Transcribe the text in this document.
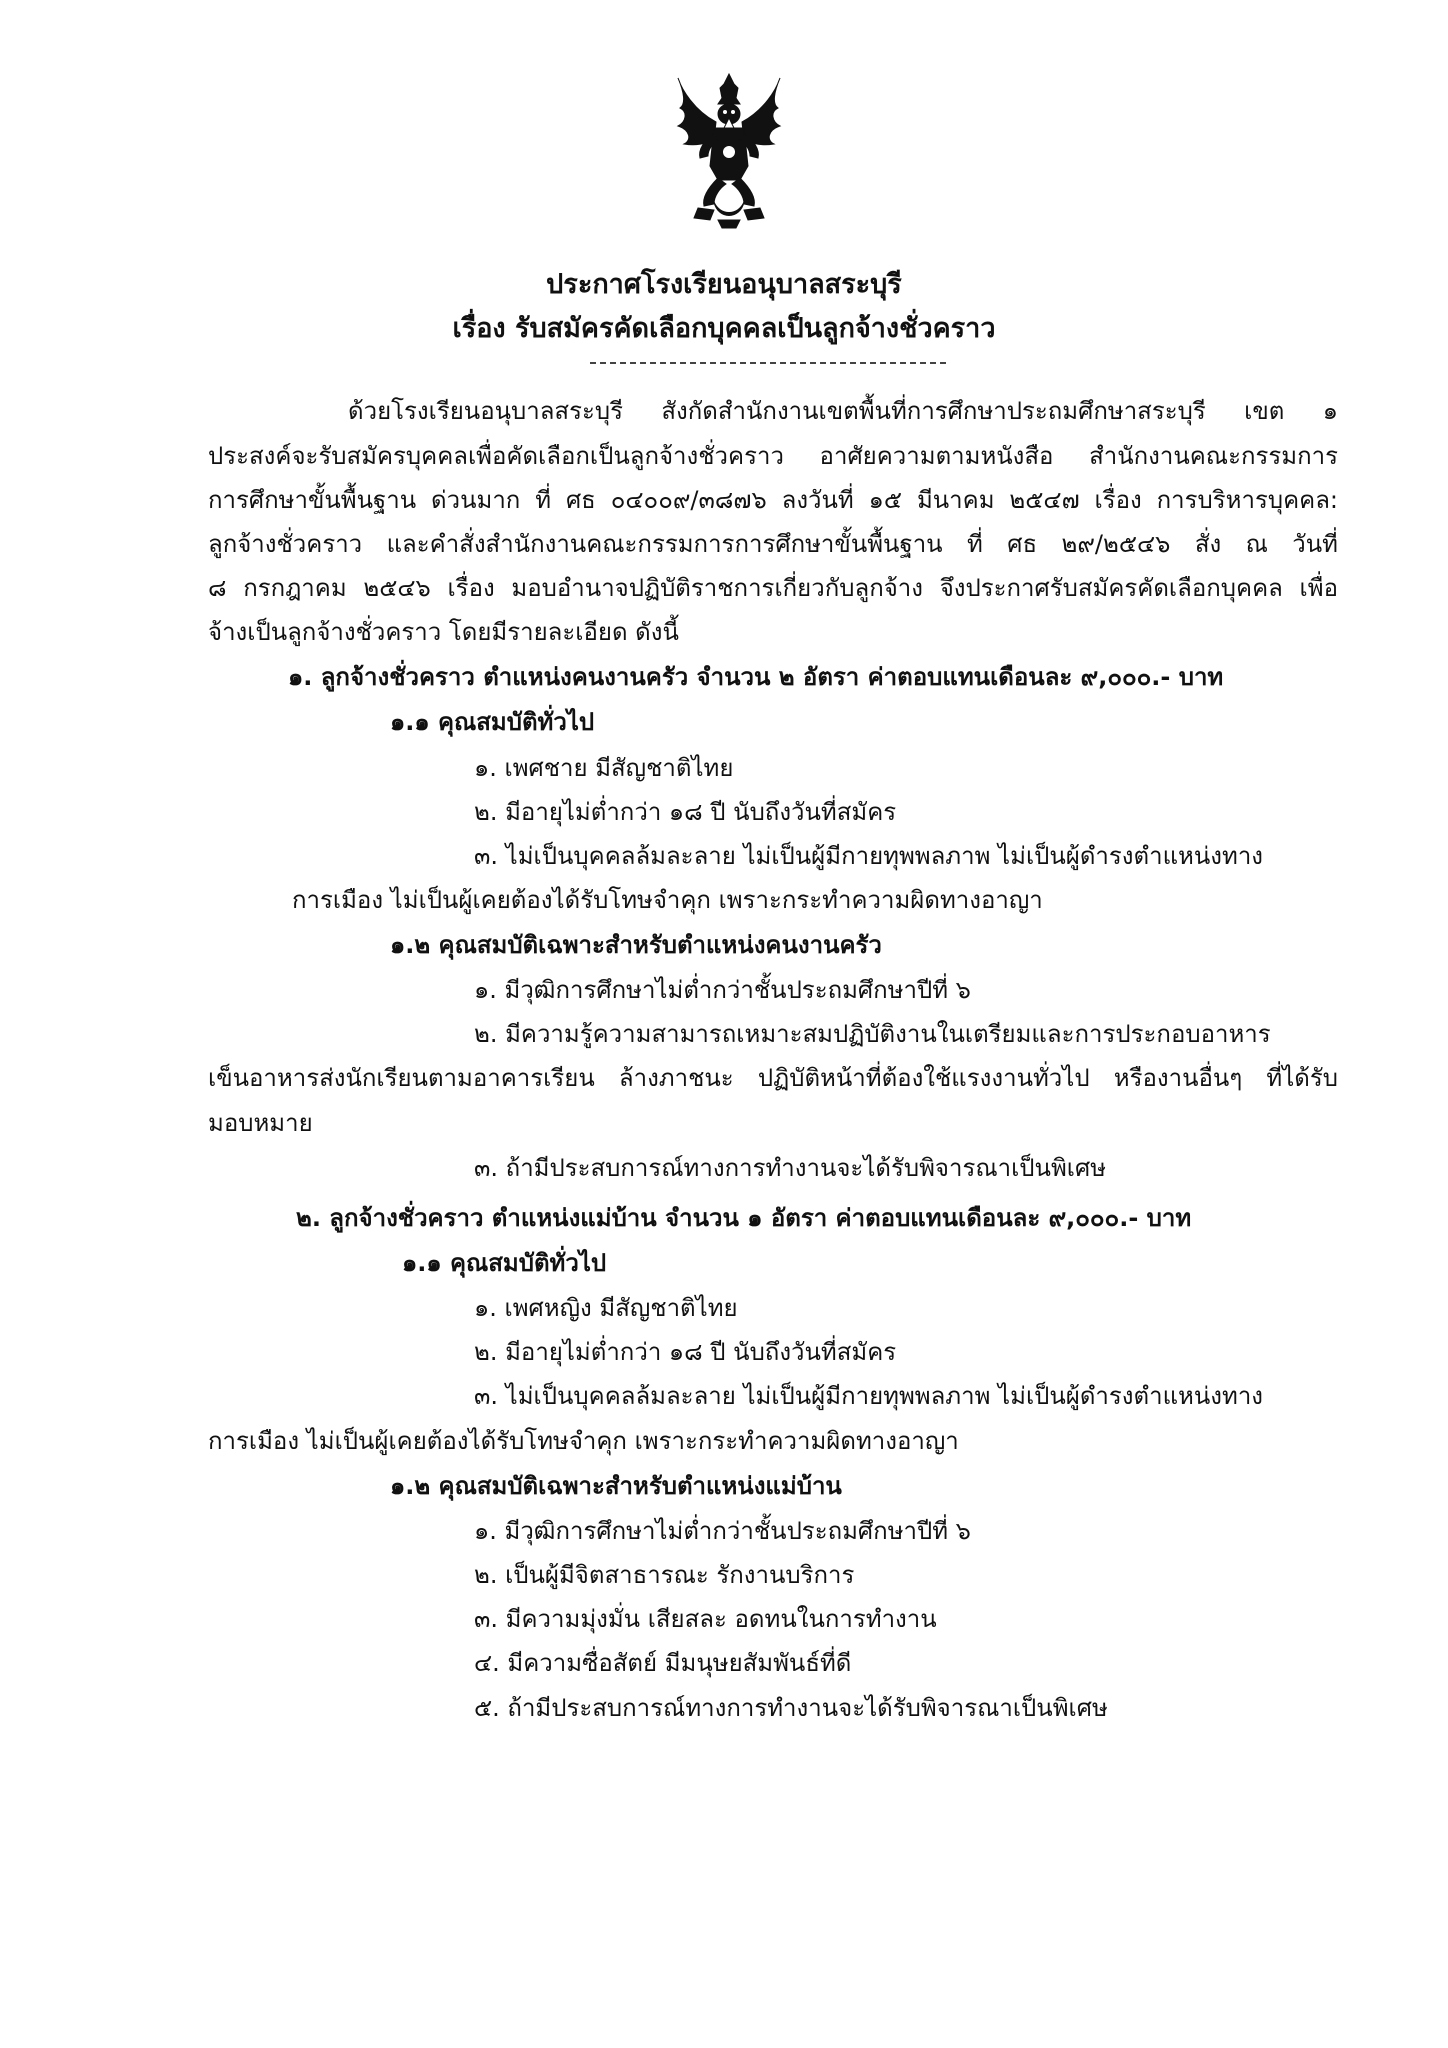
ประกาศโรงเรียนอนุบาลสระบุรี
เรื่อง รับสมัครคัดเลือกบุคคลเป็นลูกจ้างชั่วคราว
ด้วยโรงเรียนอนุบาลสระบุรี สังกัดสำนักงานเขตพื้นที่การศึกษาประถมศึกษาสระบุรี เขต ๑
ประสงค์จะรับสมัครบุคคลเพื่อคัดเลือกเป็นลูกจ้างชั่วคราว อาศัยความตามหนังสือ สำนักงานคณะกรรมการ
การศึกษาขั้นพื้นฐาน ด่วนมาก ที่ ศธ ๐๔๐๐๙/๓๘๗๖ ลงวันที่ ๑๕ มีนาคม ๒๕๔๗ เรื่อง การบริหารบุคคล:
ลูกจ้างชั่วคราว และคำสั่งสำนักงานคณะกรรมการการศึกษาขั้นพื้นฐาน ที่ ศธ ๒๙/๒๕๔๖ สั่ง ณ วันที่
๘ กรกฎาคม ๒๕๔๖ เรื่อง มอบอำนาจปฏิบัติราชการเกี่ยวกับลูกจ้าง จึงประกาศรับสมัครคัดเลือกบุคคล เพื่อ
จ้างเป็นลูกจ้างชั่วคราว โดยมีรายละเอียด ดังนี้
๑. ลูกจ้างชั่วคราว ตำแหน่งคนงานครัว จำนวน ๒ อัตรา ค่าตอบแทนเดือนละ ๙,๐๐๐.- บาท
๑.๑ คุณสมบัติทั่วไป
๑. เพศชาย มีสัญชาติไทย
๒. มีอายุไม่ต่ำกว่า ๑๘ ปี นับถึงวันที่สมัคร
๓. ไม่เป็นบุคคลล้มละลาย ไม่เป็นผู้มีกายทุพพลภาพ ไม่เป็นผู้ดำรงตำแหน่งทาง
การเมือง ไม่เป็นผู้เคยต้องได้รับโทษจำคุก เพราะกระทำความผิดทางอาญา
๑.๒ คุณสมบัติเฉพาะสำหรับตำแหน่งคนงานครัว
๑. มีวุฒิการศึกษาไม่ต่ำกว่าชั้นประถมศึกษาปีที่ ๖
๒. มีความรู้ความสามารถเหมาะสมปฏิบัติงานในเตรียมและการประกอบอาหาร
เข็นอาหารส่งนักเรียนตามอาคารเรียน ล้างภาชนะ ปฏิบัติหน้าที่ต้องใช้แรงงานทั่วไป หรืองานอื่นๆ ที่ได้รับ
มอบหมาย
๓. ถ้ามีประสบการณ์ทางการทำงานจะได้รับพิจารณาเป็นพิเศษ
๒. ลูกจ้างชั่วคราว ตำแหน่งแม่บ้าน จำนวน ๑ อัตรา ค่าตอบแทนเดือนละ ๙,๐๐๐.- บาท
๑.๑ คุณสมบัติทั่วไป
๑. เพศหญิง มีสัญชาติไทย
๒. มีอายุไม่ต่ำกว่า ๑๘ ปี นับถึงวันที่สมัคร
๓. ไม่เป็นบุคคลล้มละลาย ไม่เป็นผู้มีกายทุพพลภาพ ไม่เป็นผู้ดำรงตำแหน่งทาง
การเมือง ไม่เป็นผู้เคยต้องได้รับโทษจำคุก เพราะกระทำความผิดทางอาญา
๑.๒ คุณสมบัติเฉพาะสำหรับตำแหน่งแม่บ้าน
๑. มีวุฒิการศึกษาไม่ต่ำกว่าชั้นประถมศึกษาปีที่ ๖
๒. เป็นผู้มีจิตสาธารณะ รักงานบริการ
๓. มีความมุ่งมั่น เสียสละ อดทนในการทำงาน
๔. มีความซื่อสัตย์ มีมนุษยสัมพันธ์ที่ดี
๕. ถ้ามีประสบการณ์ทางการทำงานจะได้รับพิจารณาเป็นพิเศษ
